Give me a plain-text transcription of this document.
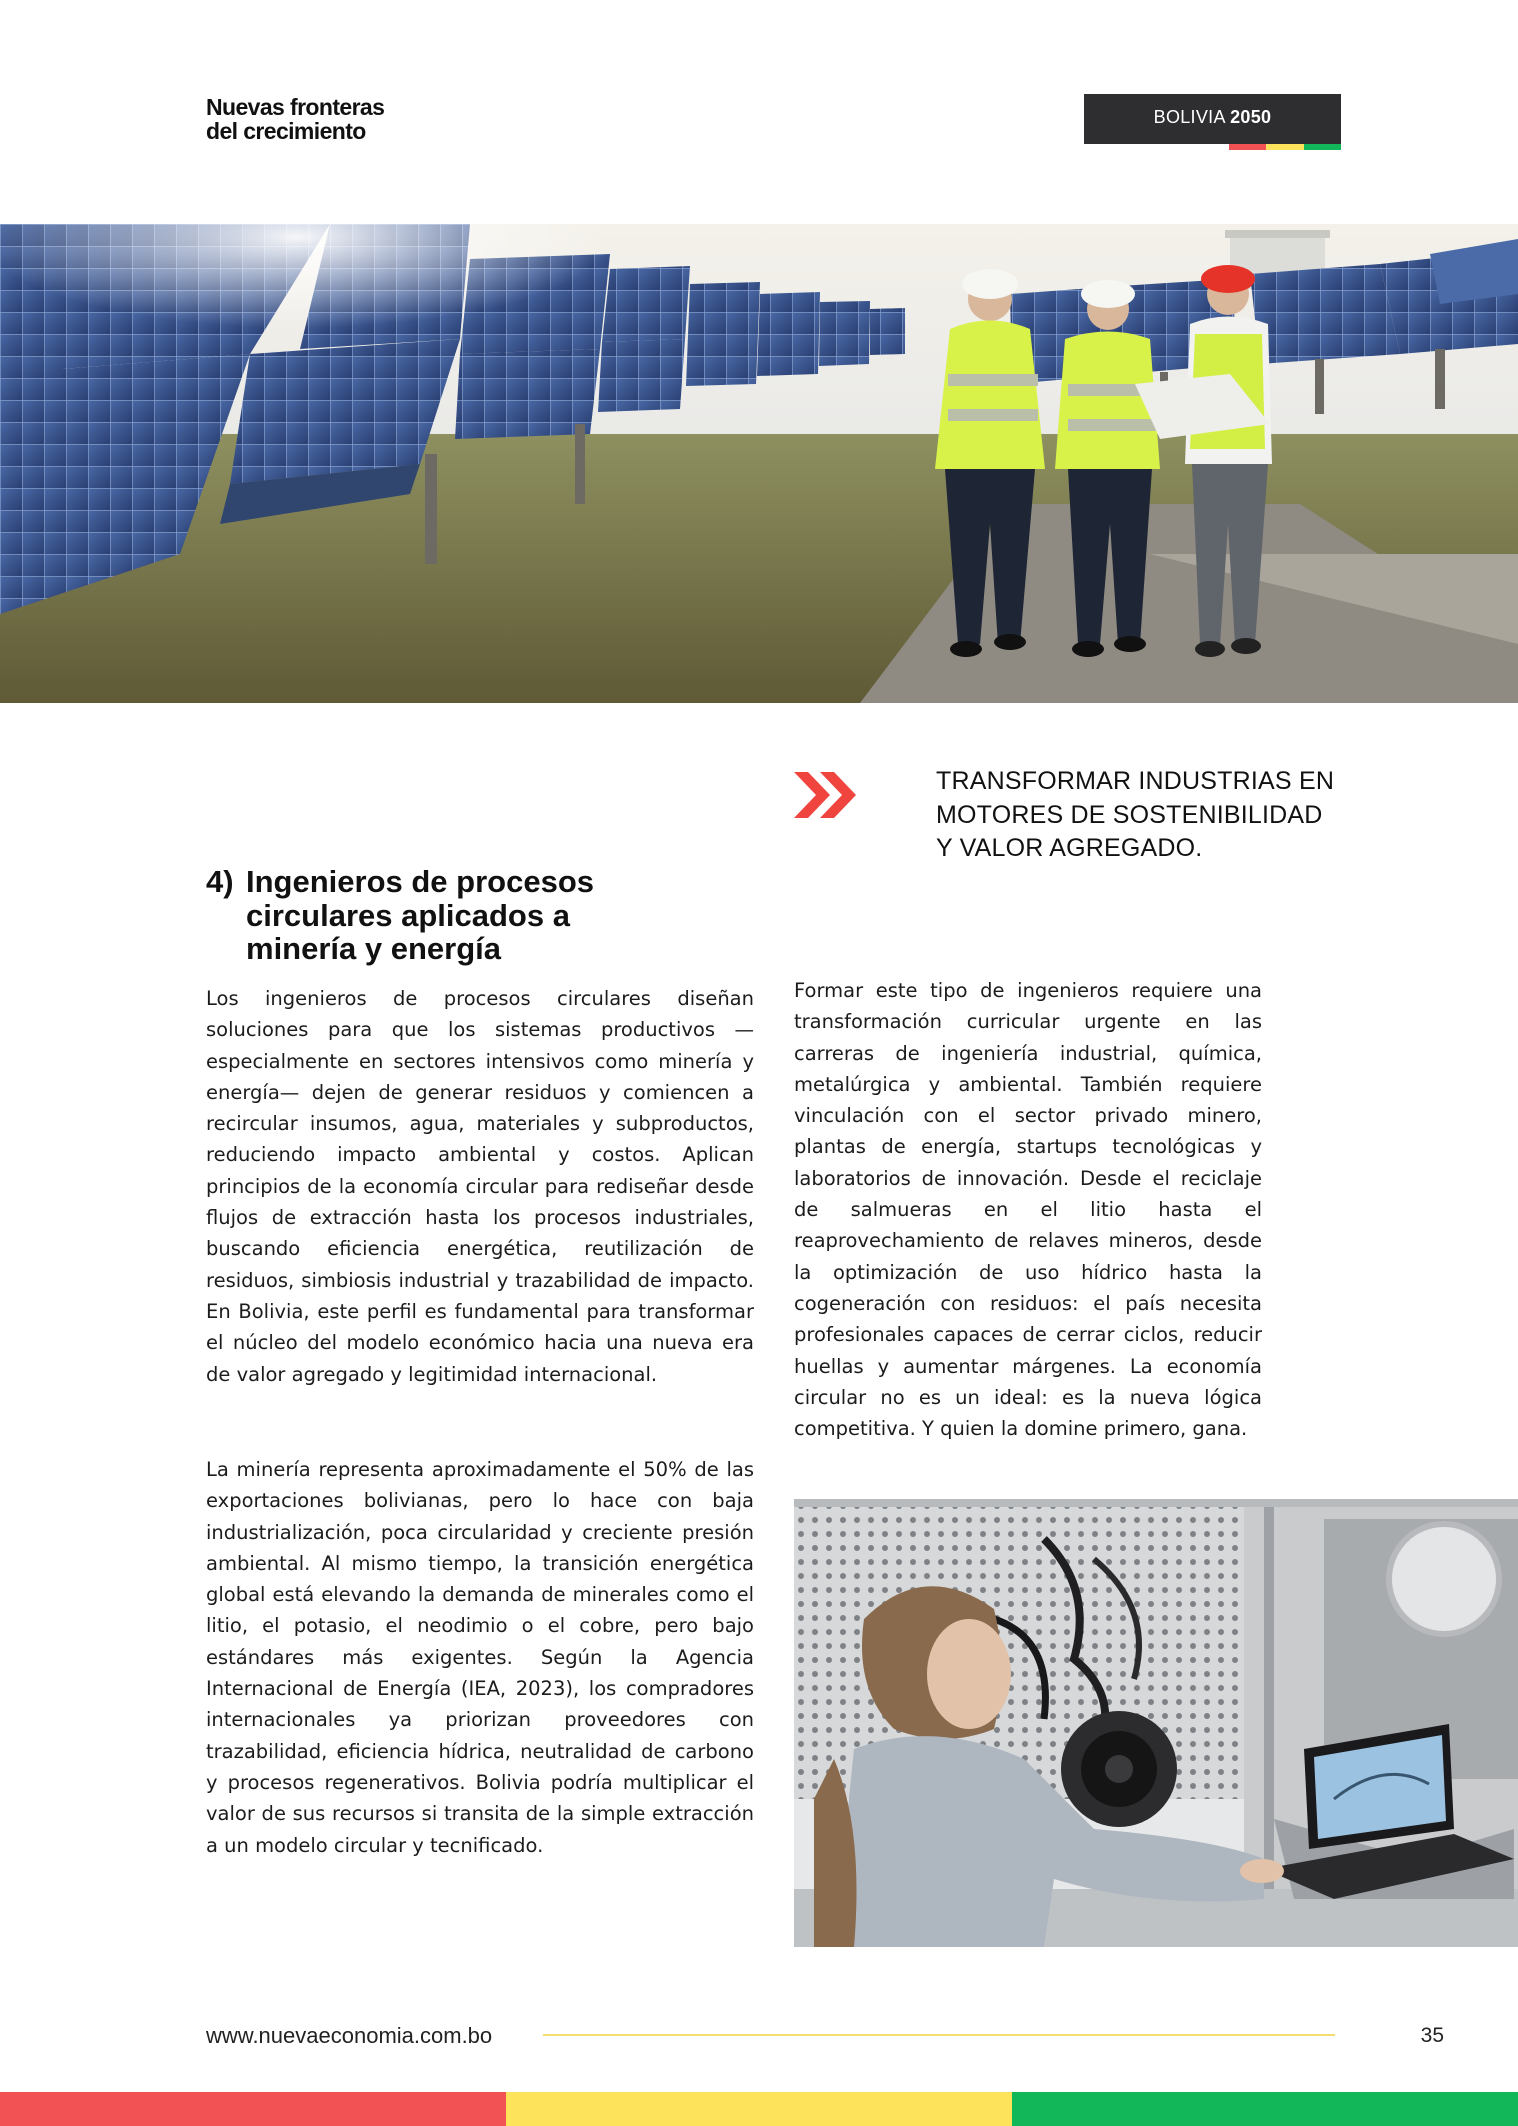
Nuevas fronteras
del crecimiento
BOLIVIA 2050
TRANSFORMAR INDUSTRIAS EN MOTORES DE SOSTENIBILIDAD Y VALOR AGREGADO.
4) Ingenieros de procesos circulares aplicados a minería y energía

Los ingenieros de procesos circulares diseñan soluciones para que los sistemas productivos —especialmente en sectores intensivos como minería y energía— dejen de generar residuos y comiencen a recircular insumos, agua, materiales y subproductos, reduciendo impacto ambiental y costos. Aplican principios de la economía circular para rediseñar desde flujos de extracción hasta los procesos industriales, buscando eficiencia energética, reutilización de residuos, simbiosis industrial y trazabilidad de impacto. En Bolivia, este perfil es fundamental para transformar el núcleo del modelo económico hacia una nueva era de valor agregado y legitimidad internacional.

La minería representa aproximadamente el 50% de las exportaciones bolivianas, pero lo hace con baja industrialización, poca circularidad y creciente presión ambiental. Al mismo tiempo, la transición energética global está elevando la demanda de minerales como el litio, el potasio, el neodimio o el cobre, pero bajo estándares más exigentes. Según la Agencia Internacional de Energía (IEA, 2023), los compradores internacionales ya priorizan proveedores con trazabilidad, eficiencia hídrica, neutralidad de carbono y procesos regenerativos. Bolivia podría multiplicar el valor de sus recursos si transita de la simple extracción a un modelo circular y tecnificado.

Formar este tipo de ingenieros requiere una transformación curricular urgente en las carreras de ingeniería industrial, química, metalúrgica y ambiental. También requiere vinculación con el sector privado minero, plantas de energía, startups tecnológicas y laboratorios de innovación. Desde el reciclaje de salmueras en el litio hasta el reaprovechamiento de relaves mineros, desde la optimización de uso hídrico hasta la cogeneración con residuos: el país necesita profesionales capaces de cerrar ciclos, reducir huellas y aumentar márgenes. La economía circular no es un ideal: es la nueva lógica competitiva. Y quien la domine primero, gana.

www.nuevaeconomia.com.bo	35
